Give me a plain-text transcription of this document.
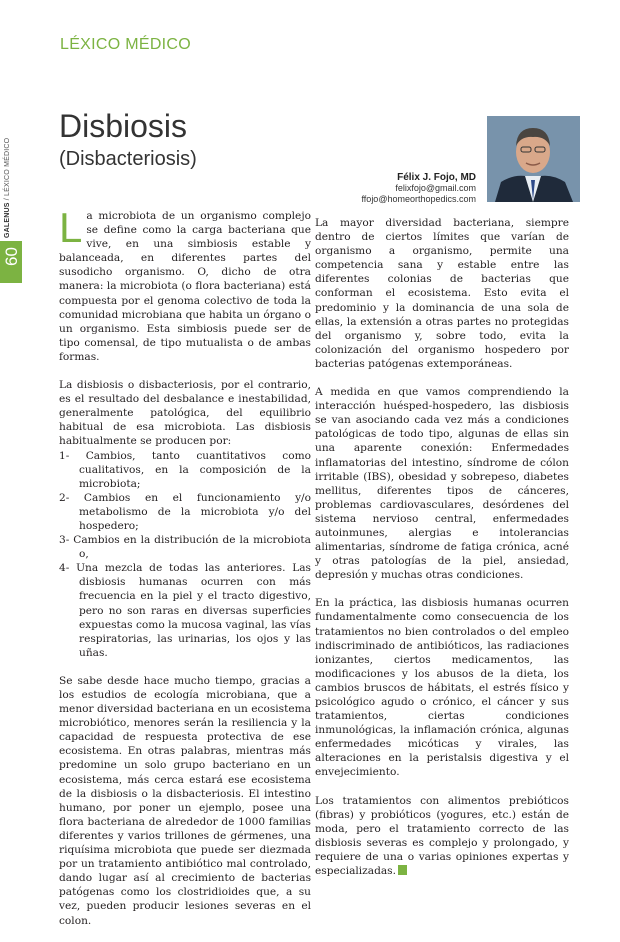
LÉXICO MÉDICO
60
GALENUS / LÉXICO MÉDICO
Disbiosis
(Disbacteriosis)
Félix J. Fojo, MD
felixfojo@gmail.com
ffojo@homeorthopedics.com

La microbiota de un organismo complejo se define como la carga bacteriana que vive, en una simbiosis estable y balanceada, en diferentes partes del susodicho organismo. O, dicho de otra manera: la microbiota (o flora bacteriana) está compuesta por el genoma colectivo de toda la comunidad microbiana que habita un órgano o un organismo. Esta simbiosis puede ser de tipo comensal, de tipo mutualista o de ambas formas.

La disbiosis o disbacteriosis, por el contrario, es el resultado del desbalance e inestabilidad, generalmente patológica, del equilibrio habitual de esa microbiota. Las disbiosis habitualmente se producen por:

1- Cambios, tanto cuantitativos como cualitativos, en la composición de la microbiota;
2- Cambios en el funcionamiento y/o metabolismo de la microbiota y/o del hospedero;
3- Cambios en la distribución de la microbiota o,
4- Una mezcla de todas las anteriores. Las disbiosis humanas ocurren con más frecuencia en la piel y el tracto digestivo, pero no son raras en diversas superficies expuestas como la mucosa vaginal, las vías respiratorias, las urinarias, los ojos y las uñas.

Se sabe desde hace mucho tiempo, gracias a los estudios de ecología microbiana, que a menor diversidad bacteriana en un ecosistema microbiótico, menores serán la resiliencia y la capacidad de respuesta protectiva de ese ecosistema. En otras palabras, mientras más predomine un solo grupo bacteriano en un ecosistema, más cerca estará ese ecosistema de la disbiosis o la disbacteriosis. El intestino humano, por poner un ejemplo, posee una flora bacteriana de alrededor de 1000 familias diferentes y varios trillones de gérmenes, una riquísima microbiota que puede ser diezmada por un tratamiento antibiótico mal controlado, dando lugar así al crecimiento de bacterias patógenas como los clostridioides que, a su vez, pueden producir lesiones severas en el colon.

La mayor diversidad bacteriana, siempre dentro de ciertos límites que varían de organismo a organismo, permite una competencia sana y estable entre las diferentes colonias de bacterias que conforman el ecosistema. Esto evita el predominio y la dominancia de una sola de ellas, la extensión a otras partes no protegidas del organismo y, sobre todo, evita la colonización del organismo hospedero por bacterias patógenas extemporáneas.

A medida en que vamos comprendiendo la interacción huésped-hospedero, las disbiosis se van asociando cada vez más a condiciones patológicas de todo tipo, algunas de ellas sin una aparente conexión: Enfermedades inflamatorias del intestino, síndrome de cólon irritable (IBS), obesidad y sobrepeso, diabetes mellitus, diferentes tipos de cánceres, problemas cardiovasculares, desórdenes del sistema nervioso central, enfermedades autoinmunes, alergias e intolerancias alimentarias, síndrome de fatiga crónica, acné y otras patologías de la piel, ansiedad, depresión y muchas otras condiciones.

En la práctica, las disbiosis humanas ocurren fundamentalmente como consecuencia de los tratamientos no bien controlados o del empleo indiscriminado de antibióticos, las radiaciones ionizantes, ciertos medicamentos, las modificaciones y los abusos de la dieta, los cambios bruscos de hábitats, el estrés físico y psicológico agudo o crónico, el cáncer y sus tratamientos, ciertas condiciones inmunológicas, la inflamación crónica, algunas enfermedades micóticas y virales, las alteraciones en la peristalsis digestiva y el envejecimiento.

Los tratamientos con alimentos prebióticos (fibras) y probióticos (yogures, etc.) están de moda, pero el tratamiento correcto de las disbiosis severas es complejo y prolongado, y requiere de una o varias opiniones expertas y especializadas.
